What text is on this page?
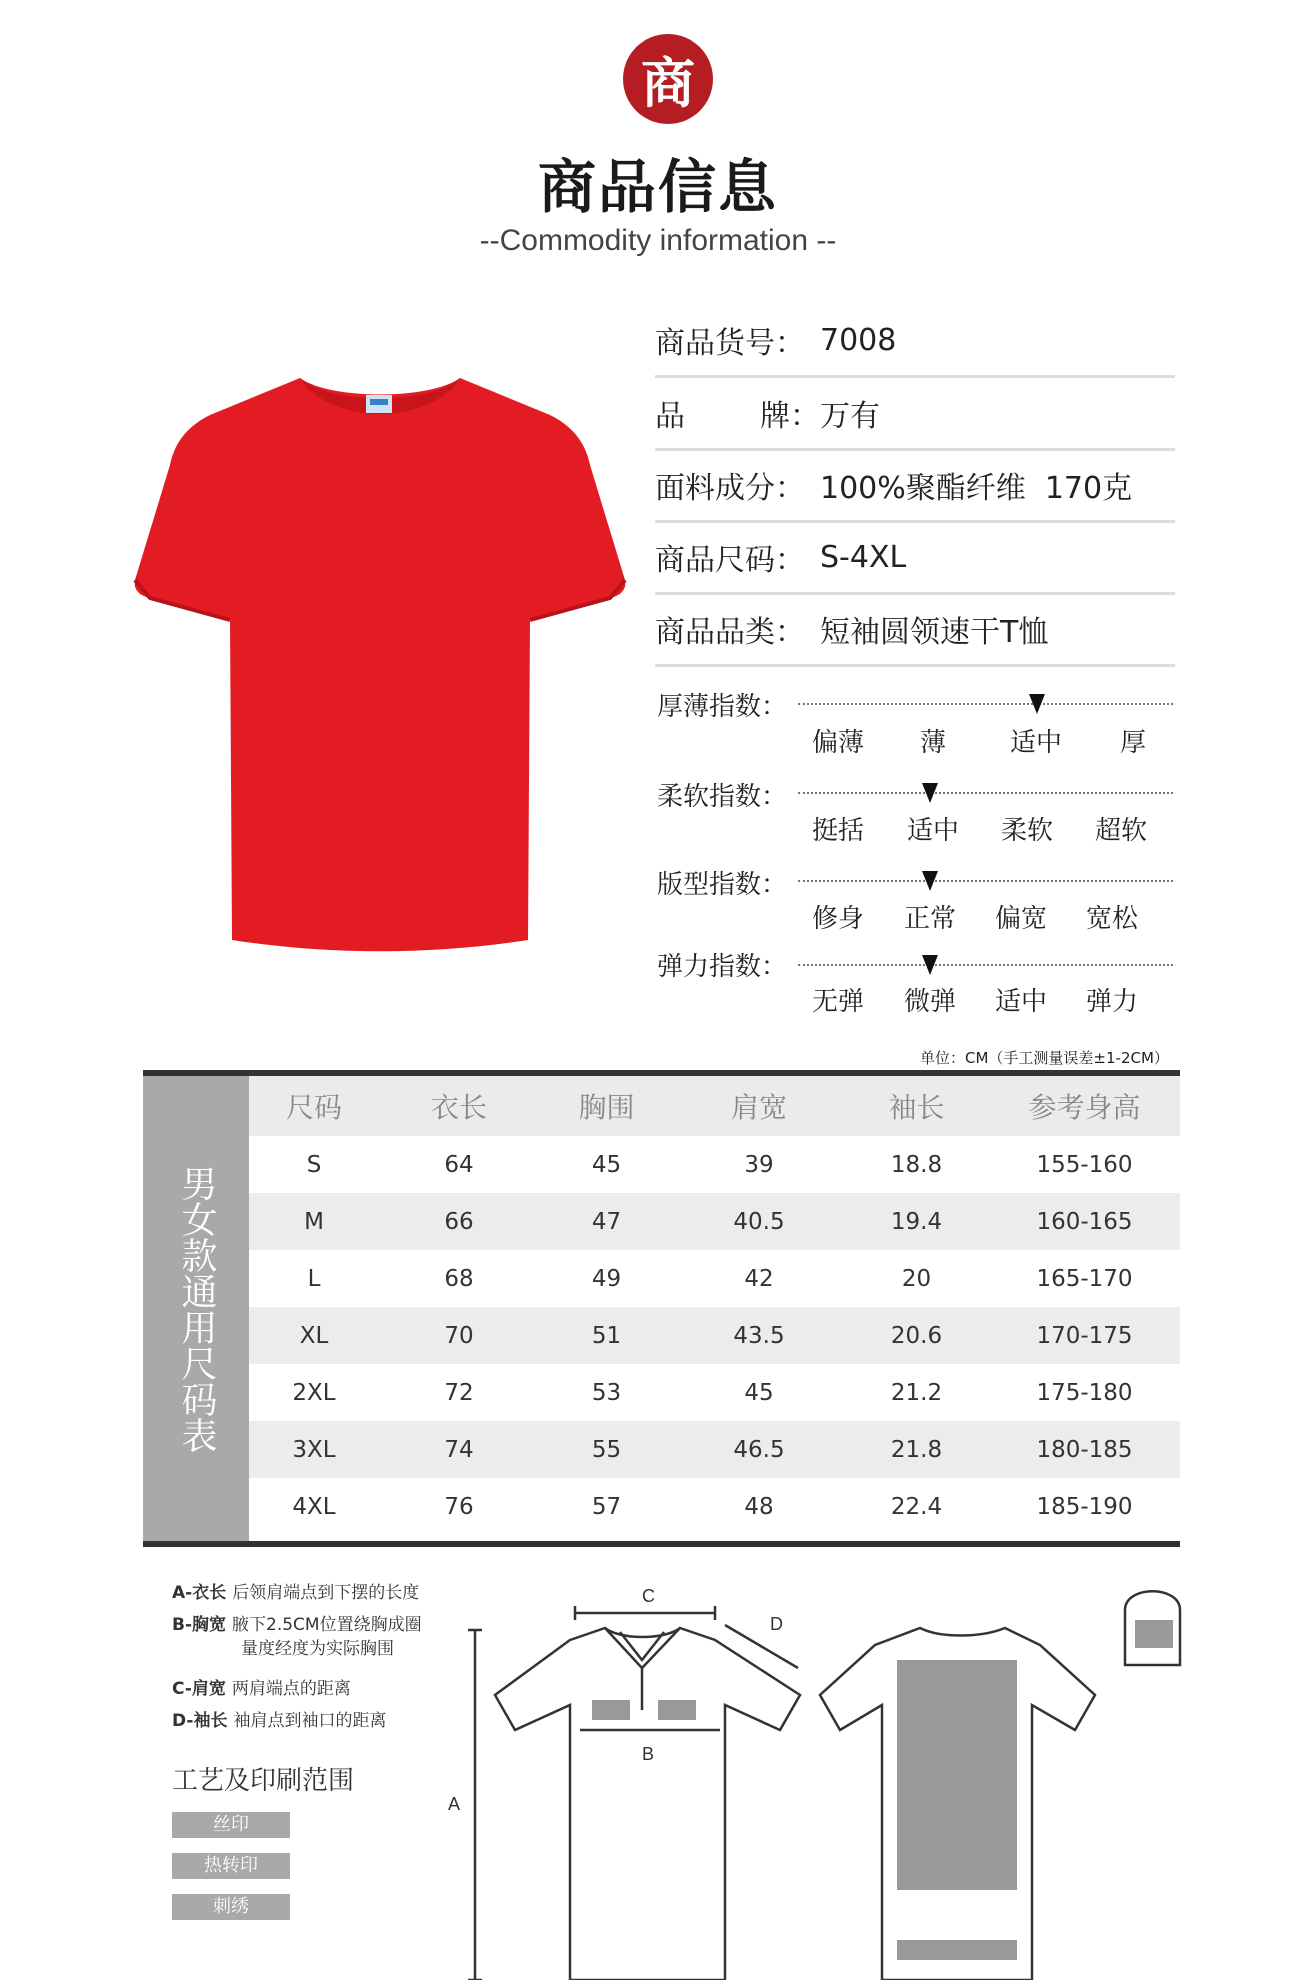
商
商品信息
--Commodity information --
商品货号： 7008
品	牌： 万有
面料成分： 100%聚酯纤维  170克
商品尺码： S-4XL
商品品类： 短袖圆领速干T恤
厚薄指数：
偏薄	薄	适中	厚
柔软指数：
挺括	适中	柔软	超软
版型指数：
修身	正常	偏宽	宽松
弹力指数：
无弹	微弹	适中	弹力
单位：CM（手工测量误差±1-2CM）
男女款通用尺码表
尺码	衣长	胸围	肩宽	袖长	参考身高
S	64	45	39	18.8	155-160
M	66	47	40.5	19.4	160-165
L	68	49	42	20	165-170
XL	70	51	43.5	20.6	170-175
2XL	72	53	45	21.2	175-180
3XL	74	55	46.5	21.8	180-185
4XL	76	57	48	22.4	185-190
A-衣长 后领肩端点到下摆的长度
B-胸宽 腋下2.5CM位置绕胸成圈
量度经度为实际胸围
C-肩宽 两肩端点的距离
D-袖长 袖肩点到袖口的距离
工艺及印刷范围
丝印
热转印
刺绣
A
B
C
D
